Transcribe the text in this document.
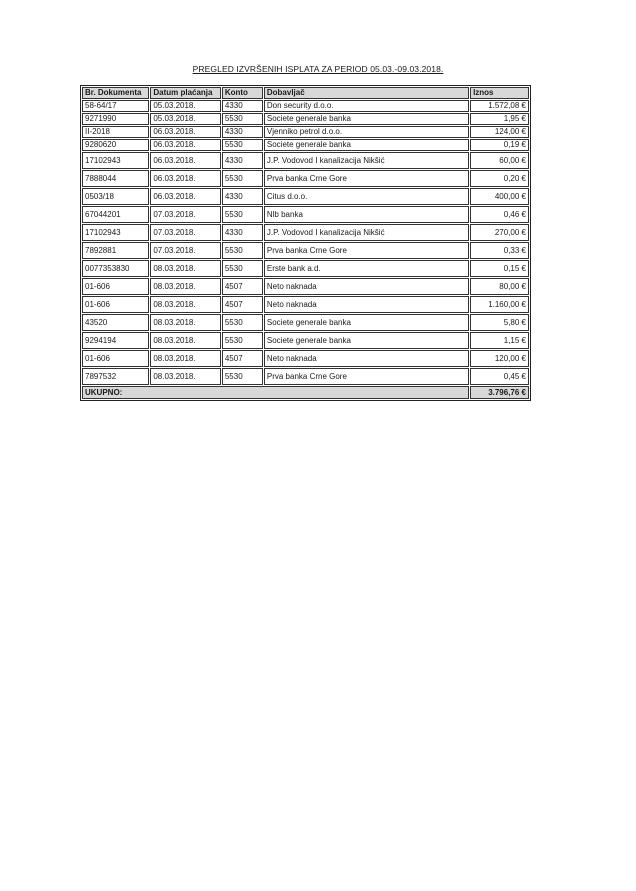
PREGLED IZVRŠENIH ISPLATA ZA PERIOD 05.03.-09.03.2018.
Br. Dokumenta	Datum plaćanja	Konto	Dobavljač	Iznos
58-64/17	05.03.2018.	4330	Don security d.o.o.	1.572,08 €
9271990	05.03.2018.	5530	Societe generale banka	1,95 €
II-2018	06.03.2018.	4330	Vjenniko petrol d.o.o.	124,00 €
9280620	06.03.2018.	5530	Societe generale banka	0,19 €
17102943	06.03.2018.	4330	J.P. Vodovod I kanalizacija Nikšić	60,00 €
7888044	06.03.2018.	5530	Prva banka Crne Gore	0,20 €
0503/18	06.03.2018.	4330	Citus d.o.o.	400,00 €
67044201	07.03.2018.	5530	Nlb banka	0,46 €
17102943	07.03.2018.	4330	J.P. Vodovod I kanalizacija Nikšić	270,00 €
7892881	07.03.2018.	5530	Prva banka Crne Gore	0,33 €
0077353830	08.03.2018.	5530	Erste bank a.d.	0,15 €
01-606	08.03.2018.	4507	Neto naknada	80,00 €
01-606	08.03.2018.	4507	Neto naknada	1.160,00 €
43520	08.03.2018.	5530	Societe generale banka	5,80 €
9294194	08.03.2018.	5530	Societe generale banka	1,15 €
01-606	08.03.2018.	4507	Neto naknada	120,00 €
7897532	08.03.2018.	5530	Prva banka Crne Gore	0,45 €
UKUPNO:				3.796,76 €
